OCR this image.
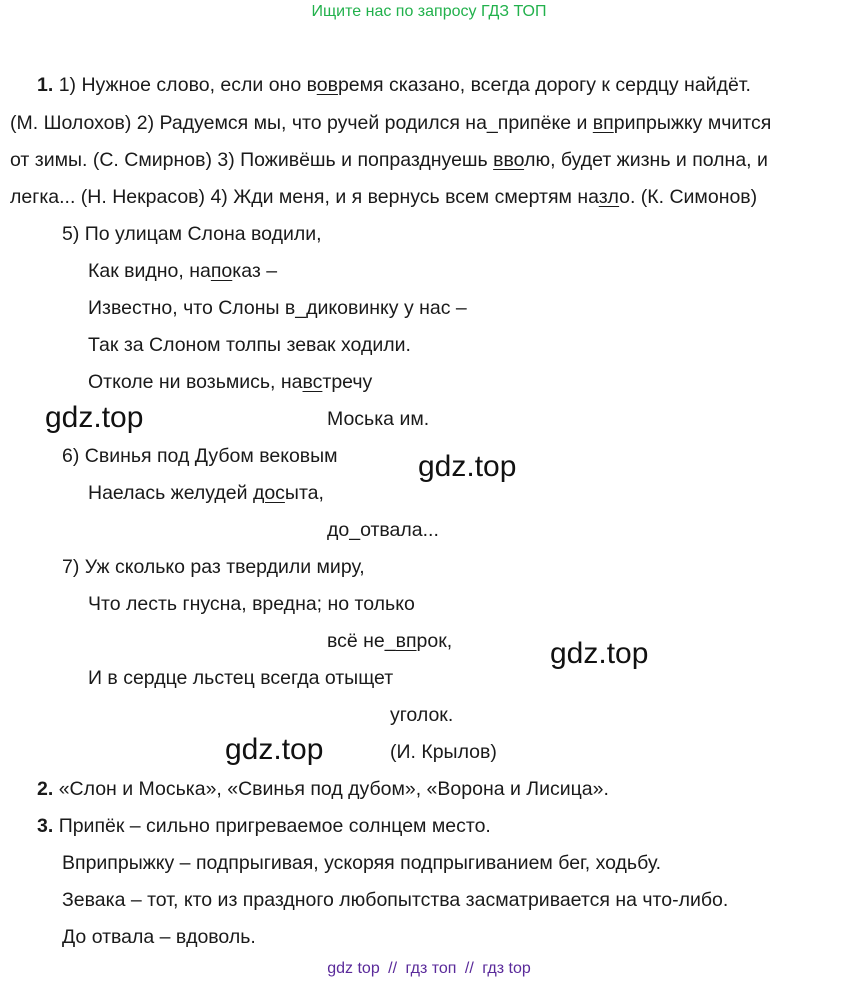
Ищите нас по запросу ГДЗ ТОП
1. 1) Нужное слово, если оно вовремя сказано, всегда дорогу к сердцу найдёт.
(М. Шолохов) 2) Радуемся мы, что ручей родился на_припёке и вприпрыжку мчится
от зимы. (С. Смирнов) 3) Поживёшь и попразднуешь вволю, будет жизнь и полна, и
легка... (Н. Некрасов) 4) Жди меня, и я вернусь всем смертям назло. (К. Симонов)
5) По улицам Слона водили,
Как видно, напоказ –
Известно, что Слоны в_диковинку у нас –
Так за Слоном толпы зевак ходили.
Отколе ни возьмись, навстречу
Моська им.
6) Свинья под Дубом вековым
Наелась желудей досыта,
до_отвала...
7) Уж сколько раз твердили миру,
Что лесть гнусна, вредна; но только
всё не_впрок,
И в сердце льстец всегда отыщет
уголок.
(И. Крылов)
2. «Слон и Моська», «Свинья под дубом», «Ворона и Лисица».
3. Припёк – сильно пригреваемое солнцем место.
Вприпрыжку – подпрыгивая, ускоряя подпрыгиванием бег, ходьбу.
Зевака – тот, кто из праздного любопытства засматривается на что-либо.
До отвала – вдоволь.
gdz.top
gdz.top
gdz.top
gdz.top
gdz top // гдз топ // гдз top
